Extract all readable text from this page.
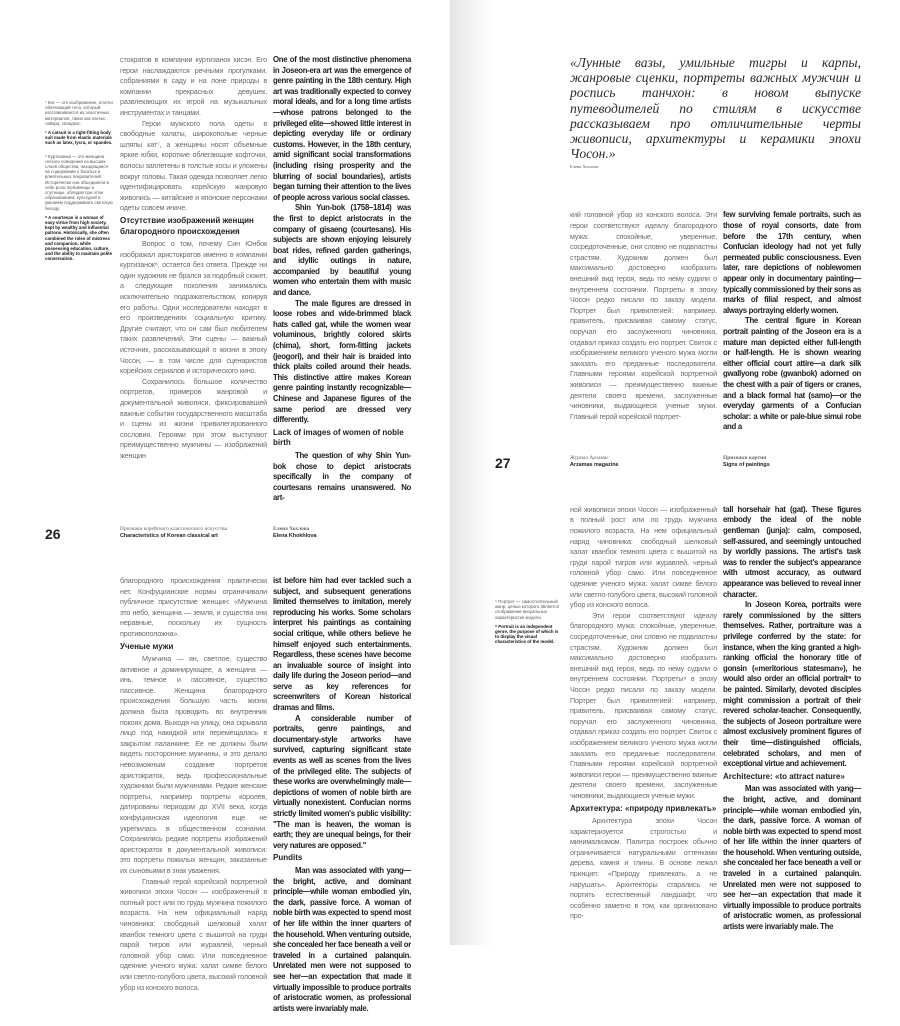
⁷ Кат — это изображение, плотно облегающий тело, который изготавливается из эластичных материалов, таких как латекс, лайкра, спандекс.

⁷ A catsuit is a tight-fitting body suit made from elastic materials such as latex, lycra, or spandex.

⁸ Куртизанка — это женщина легкого поведения из высших слоев общества, находящаяся на содержании у богатых и влиятельных покровителей. Исторически она объединяла в себе роли любовницы и спутницы, обладая при этом образованием, культурой и умением поддерживать светскую беседу.

⁸ A courtesan is a woman of easy virtue from high society, kept by wealthy and influential patrons. Historically, she often combined the roles of mistress and companion, while possessing education, culture, and the ability to maintain polite conversation.

стократов в компании куртизанок кисэн. Его герои наслаждаются речными прогулками, собраниями в саду и на лоне природы в компании прекрасных девушек, развлекающих их игрой на музыкальных инструментах и танцами.

Герои мужского пола одеты в свободные халаты, широкополые черные шляпы кат⁷, а женщины носят объемные яркие юбки, короткие облегающие кофточки, волосы заплетены в толстые косы и уложены вокруг головы. Такая одежда позволяет легко идентифицировать корейскую жанровую живопись — китайские и японские персонажи одеты совсем иначе.

Отсутствие изображений женщин благородного происхождения

Вопрос о том, почему Син Юнбок изображал аристократов именно в компании куртизанок⁸, остается без ответа. Прежде ни один художник не брался за подобный сюжет, а следующие поколения занимались исключительно подражательством, копируя его работы. Одни исследователи находят в его произведениях социальную критику. Другие считают, что он сам был любителем таких развлечений. Эти сцены — важный источник, рассказывающий о жизни в эпоху Чосон, — в том числе для сценаристов корейских сериалов и исторического кино.

Сохранилось большое количество портретов, примеров жанровой и документальной живописи, фиксировавшей важные события государственного масштаба и сцены из жизни привилегированного сословия. Героями при этом выступают преимущественно мужчины — изображений женщин

One of the most distinctive phenomena in Joseon-era art was the emergence of genre painting in the 18th century. High art was traditionally expected to convey moral ideals, and for a long time artists—whose patrons belonged to the privileged elite—showed little interest in depicting everyday life or ordinary customs. However, in the 18th century, amid significant social transformations (including rising prosperity and the blurring of social boundaries), artists began turning their attention to the lives of people across various social classes.

Shin Yun-bok (1758–1814) was the first to depict aristocrats in the company of gisaeng (courtesans). His subjects are shown enjoying leisurely boat rides, refined garden gatherings, and idyllic outings in nature, accompanied by beautiful young women who entertain them with music and dance.

The male figures are dressed in loose robes and wide-brimmed black hats called gat, while the women wear voluminous, brightly colored skirts (chima), short, form-fitting jackets (jeogori), and their hair is braided into thick plaits coiled around their heads. This distinctive attire makes Korean genre painting instantly recognizable—Chinese and Japanese figures of the same period are dressed very differently.

Lack of images of women of noble birth

The question of why Shin Yun-bok chose to depict aristocrats specifically in the company of courtesans remains unanswered. No art-

26	Признаки корейского классического искусства
Characteristics of Korean classical art
Елена Хохлова
Elena Khokhlova

благородного происхождения практически нет. Конфуцианские нормы ограничивали публичное присутствие женщин: «Мужчина это небо, женщина — земля, и существа они неравные, поскольку их сущность противоположна».

Ученые мужи

Мужчина — ян, светлое, существо активное и доминирующее, а женщина — инь, темное и пассивное, существо пассивное. Женщина благородного происхождения большую часть жизни должна была проводить во внутренних покоях дома. Выходя на улицу, она скрывала лицо под накидкой или перемещалась в закрытом паланкине. Ее не должны были видеть посторонние мужчины, и это делало невозможным создание портретов аристократок, ведь профессиональные художники были мужчинами. Редкие женские портреты, например портреты королев, датированы периодом до XVII века, когда конфуцианская идеология еще не укрепилась в общественном сознании. Сохранились редкие портреты изображений аристократок в документальной живописи: это портреты пожилых женщин, заказанные их сыновьями в знак уважения.

Главный герой корейской портретной живописи эпохи Чосон — изображенный в полный рост или по грудь мужчина пожилого возраста. На нем официальный наряд чиновника: свободный шелковый халат кванбок темного цвета с вышитой на груди парой тигров или журавлей, черный головной убор само. Или повседневное одеяние ученого мужа: халат симве белого или светло-голубого цвета, высокий головной убор из конского волоса.

ist before him had ever tackled such a subject, and subsequent generations limited themselves to imitation, merely reproducing his works. Some scholars interpret his paintings as containing social critique, while others believe he himself enjoyed such entertainments. Regardless, these scenes have become an invaluable source of insight into daily life during the Joseon period—and serve as key references for screenwriters of Korean historical dramas and films.

A considerable number of portraits, genre paintings, and documentary-style artworks have survived, capturing significant state events as well as scenes from the lives of the privileged elite. The subjects of these works are overwhelmingly male—depictions of women of noble birth are virtually nonexistent. Confucian norms strictly limited women's public visibility: "The man is heaven, the woman is earth; they are unequal beings, for their very natures are opposed."

Pundits

Man was associated with yang—the bright, active, and dominant principle—while woman embodied yin, the dark, passive force. A woman of noble birth was expected to spend most of her life within the inner quarters of the household. When venturing outside, she concealed her face beneath a veil or traveled in a curtained palanquin. Unrelated men were not supposed to see her—an expectation that made it virtually impossible to produce portraits of aristocratic women, as professional artists were invariably male.

«Лунные вазы, умильные тигры и карпы, жанровые сценки, портреты важных мужчин и роспись танчхон: в новом выпуске путеводителей по стилям в искусстве рассказываем про отличительные черты живописи, архитектуры и керамики эпохи Чосон.»
Елена Хохлова

кий головной убор из конского волоса. Эти герои соответствуют идеалу благородного мужа: спокойные, уверенные, сосредоточенные, они словно не подвластны страстям. Художник должен был максимально достоверно изобразить внешний вид героя, ведь по нему судили о внутреннем состоянии. Портреты в эпоху Чосон редко писали по заказу модели. Портрет был привилегией: например, правитель, присваивая самому статус, поручал его заслуженного чиновника, отдавал приказ создать его портрет. Свиток с изображением великого ученого мужа могли заказать его преданные последователи. Главными героями корейской портретной живописи — преимущественно важные деятели своего времени, заслуженные чиновники, выдающиеся ученые мужи. Главный герой корейской портрет-

few surviving female portraits, such as those of royal consorts, date from before the 17th century, when Confucian ideology had not yet fully permeated public consciousness. Even later, rare depictions of noblewomen appear only in documentary painting—typically commissioned by their sons as marks of filial respect, and almost always portraying elderly women.

The central figure in Korean portrait painting of the Joseon era is a mature man depicted either full-length or half-length. He is shown wearing either official court attire—a dark silk gwallyong robe (gwanbok) adorned on the chest with a pair of tigers or cranes, and a black formal hat (samo)—or the everyday garments of a Confucian scholar: a white or pale-blue simui robe and a

27	Журнал Арзамас
Arzamas magazine
Признаки картин
Signs of paintings

⁹ Портрет — самостоятельный жанр, целью которого является отображение визуальных характеристик модели.

⁹ Portrait is an independent genre, the purpose of which is to display the visual characteristics of the model.

ной живописи эпохи Чосон — изображенный в полный рост или по грудь мужчина пожилого возраста. На нем официальный наряд чиновника: свободный шелковый халат кванбок темного цвета с вышитой на груди парой тигров или журавлей, черный головной убор само. Или повседневное одеяние ученого мужа: халат симве белого или светло-голубого цвета, высокий головной убор из конского волоса.

Эти герои соответствуют идеалу благородного мужа: спокойные, уверенные, сосредоточенные, они словно не подвластны страстям. Художник должен был максимально достоверно изобразить внешний вид героя, ведь по нему судили о внутреннем состоянии. Портреты⁹ в эпоху Чосон редко писали по заказу модели. Портрет был привилегией: например, правитель, присваивая самому статус, поручал его заслуженного чиновника, отдавал приказ создать его портрет. Свиток с изображением великого ученого мужа могли заказать его преданные последователи. Главными героями корейской портретной живописи герои — преимущественно важные деятели своего времени, заслуженные чиновники, выдающиеся ученые мужи.

Архитектура: «природу привлекать»

Архитектура эпохи Чосон характеризуется строгостью и минимализмом. Палитра построек обычно ограничивается натуральными оттенками дерева, камня и глины. В основе лежал принцип: «Природу привлекать, а не нарушать». Архитекторы старались не портить естественный ландшафт, что особенно заметно в том, как организовано про-

tall horsehair hat (gat). These figures embody the ideal of the noble gentleman (junja): calm, composed, self-assured, and seemingly untouched by worldly passions. The artist's task was to render the subject's appearance with utmost accuracy, as outward appearance was believed to reveal inner character.

In Joseon Korea, portraits were rarely commissioned by the sitters themselves. Rather, portraiture was a privilege conferred by the state: for instance, when the king granted a high-ranking official the honorary title of gonsin («meritorious statesman»), he would also order an official portrait⁹ to be painted. Similarly, devoted disciples might commission a portrait of their revered scholar-teacher. Consequently, the subjects of Joseon portraiture were almost exclusively prominent figures of their time—distinguished officials, celebrated scholars, and men of exceptional virtue and achievement.

Architecture: «to attract nature»

Man was associated with yang—the bright, active, and dominant principle—while woman embodied yin, the dark, passive force. A woman of noble birth was expected to spend most of her life within the inner quarters of the household. When venturing outside, she concealed her face beneath a veil or traveled in a curtained palanquin. Unrelated men were not supposed to see her—an expectation that made it virtually impossible to produce portraits of aristocratic women, as professional artists were invariably male. The
